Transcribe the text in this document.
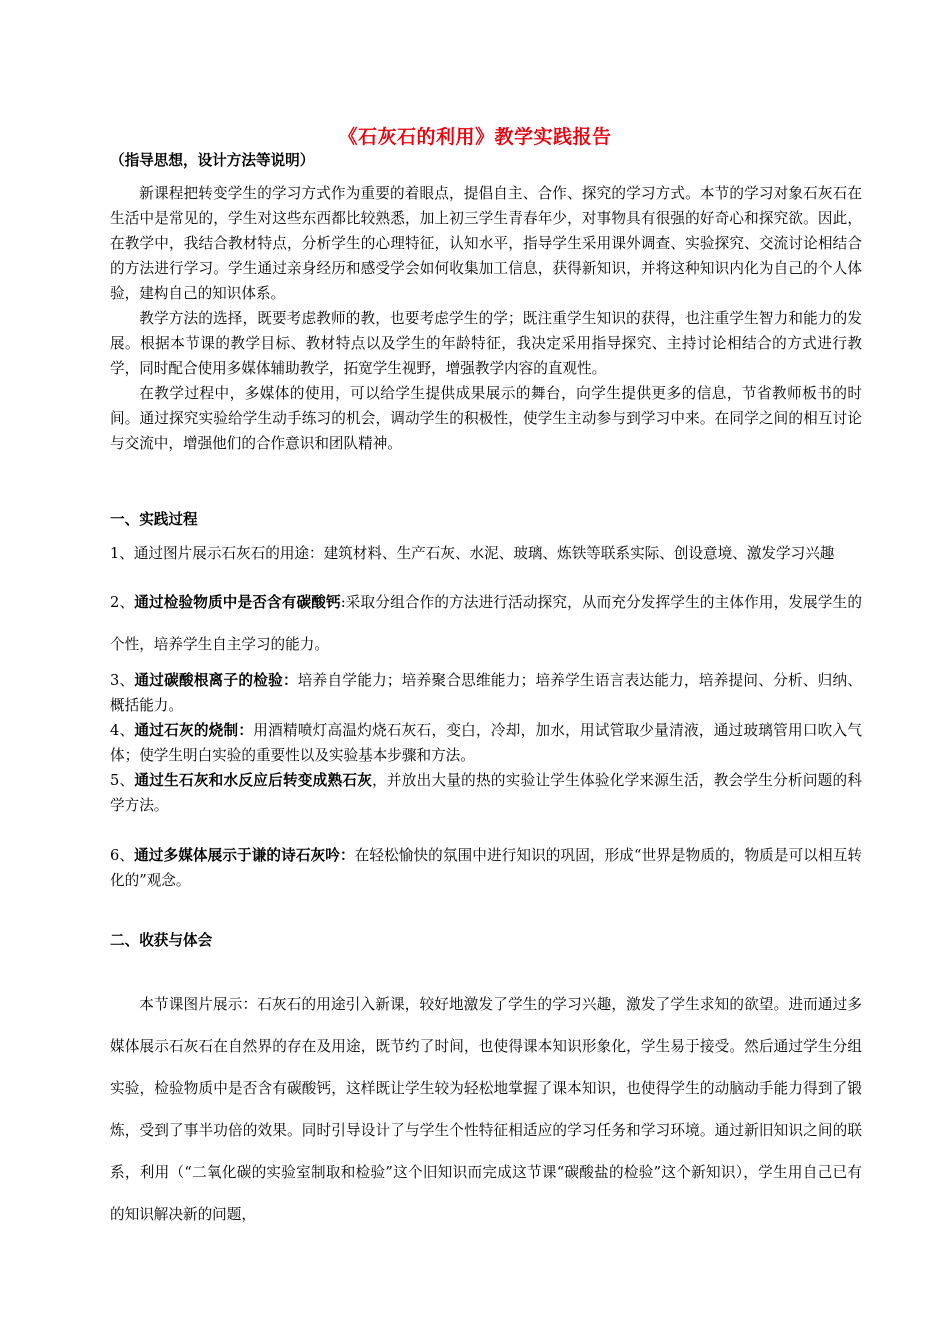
《石灰石的利用》教学实践报告
（指导思想，设计方法等说明）

新课程把转变学生的学习方式作为重要的着眼点，提倡自主、合作、探究的学习方式。本节的学习对象石灰石在生活中是常见的，学生对这些东西都比较熟悉，加上初三学生青春年少，对事物具有很强的好奇心和探究欲。因此，在教学中，我结合教材特点，分析学生的心理特征，认知水平，指导学生采用课外调查、实验探究、交流讨论相结合的方法进行学习。学生通过亲身经历和感受学会如何收集加工信息，获得新知识，并将这种知识内化为自己的个人体验，建构自己的知识体系。

教学方法的选择，既要考虑教师的教，也要考虑学生的学；既注重学生知识的获得，也注重学生智力和能力的发展。根据本节课的教学目标、教材特点以及学生的年龄特征，我决定采用指导探究、主持讨论相结合的方式进行教学，同时配合使用多媒体辅助教学，拓宽学生视野，增强教学内容的直观性。

在教学过程中，多媒体的使用，可以给学生提供成果展示的舞台，向学生提供更多的信息，节省教师板书的时间。通过探究实验给学生动手练习的机会，调动学生的积极性，使学生主动参与到学习中来。在同学之间的相互讨论与交流中，增强他们的合作意识和团队精神。

一、实践过程
1、通过图片展示石灰石的用途：建筑材料、生产石灰、水泥、玻璃、炼铁等联系实际、创设意境、激发学习兴趣
2、通过检验物质中是否含有碳酸钙:采取分组合作的方法进行活动探究，从而充分发挥学生的主体作用，发展学生的个性，培养学生自主学习的能力。
3、通过碳酸根离子的检验：培养自学能力；培养聚合思维能力；培养学生语言表达能力，培养提问、分析、归纳、概括能力。
4、通过石灰的烧制：用酒精喷灯高温灼烧石灰石，变白，冷却，加水，用试管取少量清液，通过玻璃管用口吹入气体；使学生明白实验的重要性以及实验基本步骤和方法。
5、通过生石灰和水反应后转变成熟石灰，并放出大量的热的实验让学生体验化学来源生活，教会学生分析问题的科学方法。
6、通过多媒体展示于谦的诗石灰吟：在轻松愉快的氛围中进行知识的巩固，形成“世界是物质的，物质是可以相互转化的”观念。
二、收获与体会

本节课图片展示：石灰石的用途引入新课，较好地激发了学生的学习兴趣，激发了学生求知的欲望。进而通过多媒体展示石灰石在自然界的存在及用途，既节约了时间，也使得课本知识形象化，学生易于接受。然后通过学生分组实验，检验物质中是否含有碳酸钙，这样既让学生较为轻松地掌握了课本知识，也使得学生的动脑动手能力得到了锻炼，受到了事半功倍的效果。同时引导设计了与学生个性特征相适应的学习任务和学习环境。通过新旧知识之间的联系，利用（“二氧化碳的实验室制取和检验”这个旧知识而完成这节课“碳酸盐的检验”这个新知识），学生用自己已有的知识解决新的问题，
